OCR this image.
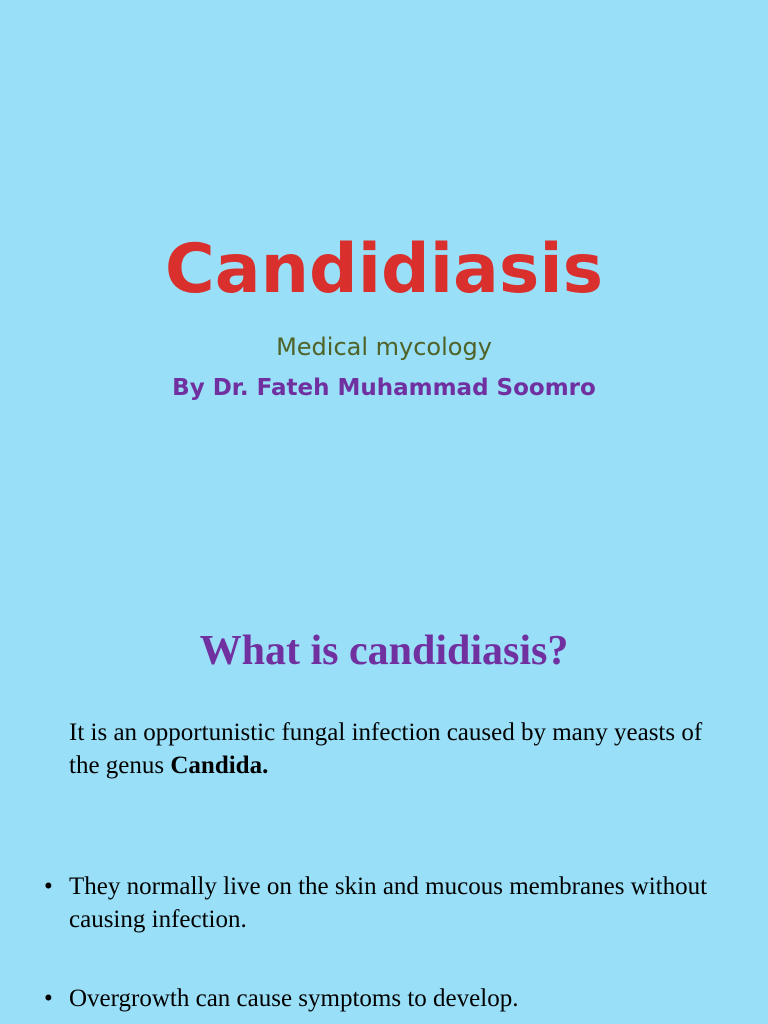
Candidiasis
Medical mycology
By Dr. Fateh Muhammad Soomro
What is candidiasis?

It is an opportunistic fungal infection caused by many yeasts of the genus Candida.

• They normally live on the skin and mucous membranes without causing infection.
• Overgrowth can cause symptoms to develop.
